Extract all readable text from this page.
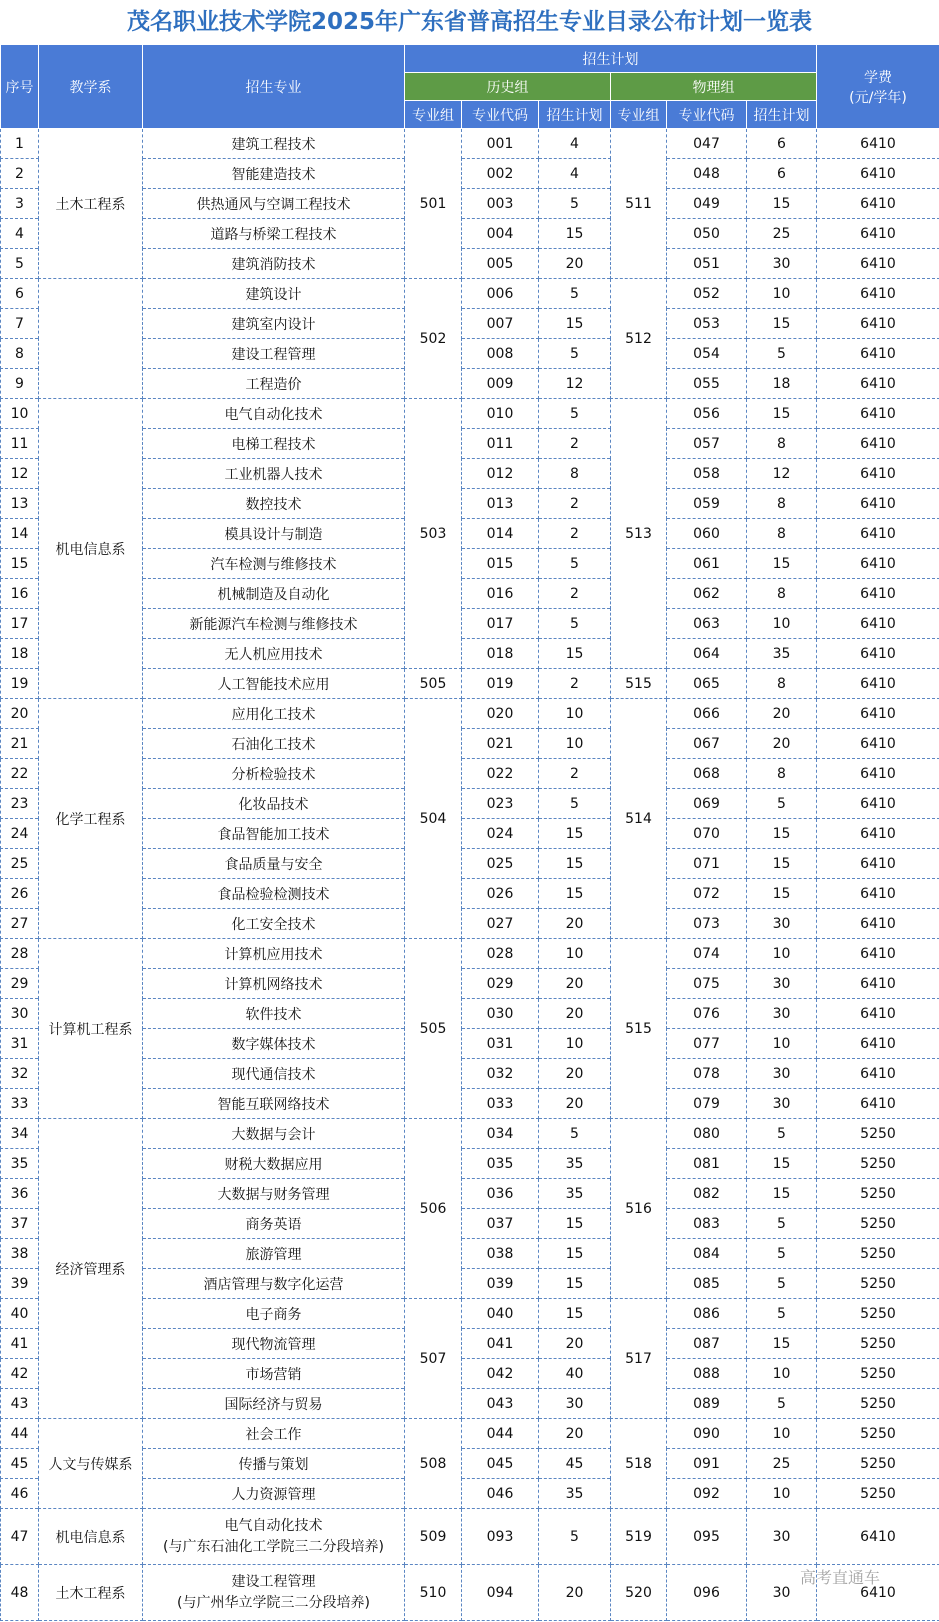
茂名职业技术学院2025年广东省普高招生专业目录公布计划一览表
序号	教学系	招生专业	招生计划						学费
(元/学年)

			历史组			物理组			
			专业组	专业代码	招生计划	专业组	专业代码	招生计划	
1	土木工程系	建筑工程技术	501	001	4	511	047	6	6410
2		智能建造技术		002	4		048	6	6410
3		供热通风与空调工程技术		003	5		049	15	6410
4		道路与桥梁工程技术		004	15		050	25	6410
5		建筑消防技术		005	20		051	30	6410
6		建筑设计	502	006	5	512	052	10	6410
7		建筑室内设计		007	15		053	15	6410
8		建设工程管理		008	5		054	5	6410
9		工程造价		009	12		055	18	6410
10	机电信息系	电气自动化技术	503	010	5	513	056	15	6410
11		电梯工程技术		011	2		057	8	6410
12		工业机器人技术		012	8		058	12	6410
13		数控技术		013	2		059	8	6410
14		模具设计与制造		014	2		060	8	6410
15		汽车检测与维修技术		015	5		061	15	6410
16		机械制造及自动化		016	2		062	8	6410
17		新能源汽车检测与维修技术		017	5		063	10	6410
18		无人机应用技术		018	15		064	35	6410
19		人工智能技术应用	505	019	2	515	065	8	6410
20	化学工程系	应用化工技术	504	020	10	514	066	20	6410
21		石油化工技术		021	10		067	20	6410
22		分析检验技术		022	2		068	8	6410
23		化妆品技术		023	5		069	5	6410
24		食品智能加工技术		024	15		070	15	6410
25		食品质量与安全		025	15		071	15	6410
26		食品检验检测技术		026	15		072	15	6410
27		化工安全技术		027	20		073	30	6410
28	计算机工程系	计算机应用技术	505	028	10	515	074	10	6410
29		计算机网络技术		029	20		075	30	6410
30		软件技术		030	20		076	30	6410
31		数字媒体技术		031	10		077	10	6410
32		现代通信技术		032	20		078	30	6410
33		智能互联网络技术		033	20		079	30	6410
34	经济管理系	大数据与会计	506	034	5	516	080	5	5250
35		财税大数据应用		035	35		081	15	5250
36		大数据与财务管理		036	35		082	15	5250
37		商务英语		037	15		083	5	5250
38		旅游管理		038	15		084	5	5250
39		酒店管理与数字化运营		039	15		085	5	5250
40		电子商务	507	040	15	517	086	5	5250
41		现代物流管理		041	20		087	15	5250
42		市场营销		042	40		088	10	5250
43		国际经济与贸易		043	30		089	5	5250
44	人文与传媒系	社会工作	508	044	20	518	090	10	5250
45		传播与策划		045	45		091	25	5250
46		人力资源管理		046	35		092	10	5250
47	机电信息系	电气自动化技术
(与广东石油化工学院三二分段培养)	509	093	5	519	095	30	6410
48	土木工程系	建设工程管理
(与广州华立学院三二分段培养)	510	094	20	520	096	30	6410
高考直通车
